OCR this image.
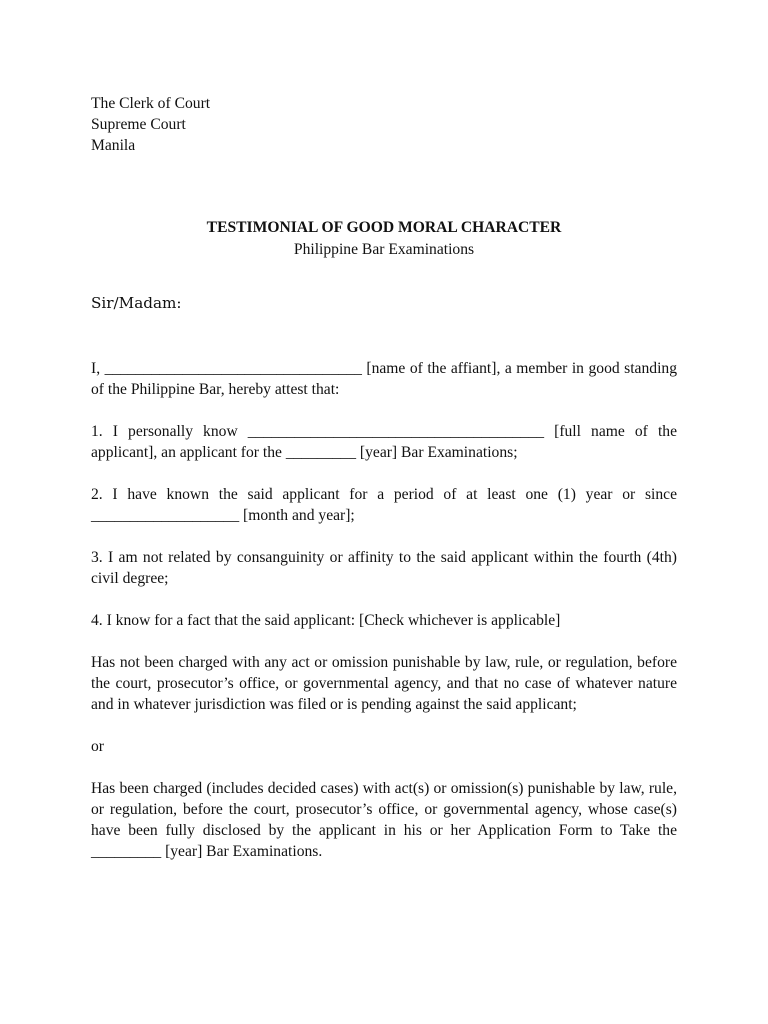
The Clerk of Court
Supreme Court
Manila
TESTIMONIAL OF GOOD MORAL CHARACTER
Philippine Bar Examinations
Sir/Madam:

I, _________________________________ [name of the affiant], a member in good standing of the Philippine Bar, hereby attest that:

1. I personally know ______________________________________ [full name of the applicant], an applicant for the _________ [year] Bar Examinations;

2. I have known the said applicant for a period of at least one (1) year or since ___________________ [month and year];

3. I am not related by consanguinity or affinity to the said applicant within the fourth (4th) civil degree;

4. I know for a fact that the said applicant: [Check whichever is applicable]

Has not been charged with any act or omission punishable by law, rule, or regulation, before the court, prosecutor’s office, or governmental agency, and that no case of whatever nature and in whatever jurisdiction was filed or is pending against the said applicant;

or

Has been charged (includes decided cases) with act(s) or omission(s) punishable by law, rule, or regulation, before the court, prosecutor’s office, or governmental agency, whose case(s) have been fully disclosed by the applicant in his or her Application Form to Take the _________ [year] Bar Examinations.
